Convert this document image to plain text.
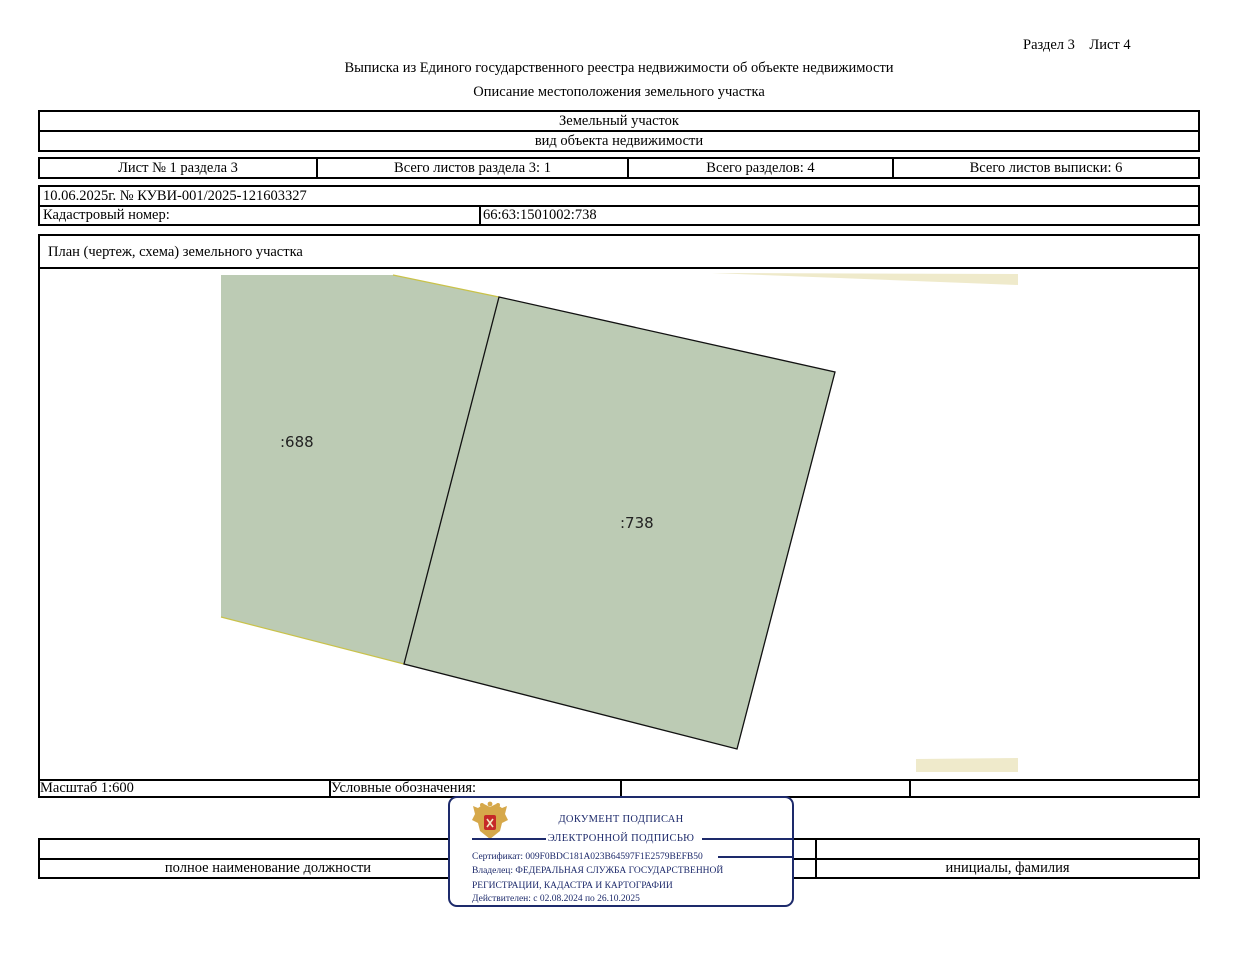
Раздел 3 Лист 4
Выписка из Единого государственного реестра недвижимости об объекте недвижимости
Описание местоположения земельного участка
Земельный участок
вид объекта недвижимости
Лист № 1 раздела 3	Всего листов раздела 3: 1	Всего разделов: 4	Всего листов выписки: 6
10.06.2025г. № КУВИ-001/2025-121603327
Кадастровый номер:	66:63:1501002:738
План (чертеж, схема) земельного участка
:688
:738
Масштаб 1:600	Условные обозначения:
полное наименование должности	инициалы, фамилия
ДОКУМЕНТ ПОДПИСАН
ЭЛЕКТРОННОЙ ПОДПИСЬЮ
Сертификат: 009F0BDC181A023B64597F1E2579BEFB50
Владелец: ФЕДЕРАЛЬНАЯ СЛУЖБА ГОСУДАРСТВЕННОЙ
РЕГИСТРАЦИИ, КАДАСТРА И КАРТОГРАФИИ
Действителен: с 02.08.2024 по 26.10.2025
